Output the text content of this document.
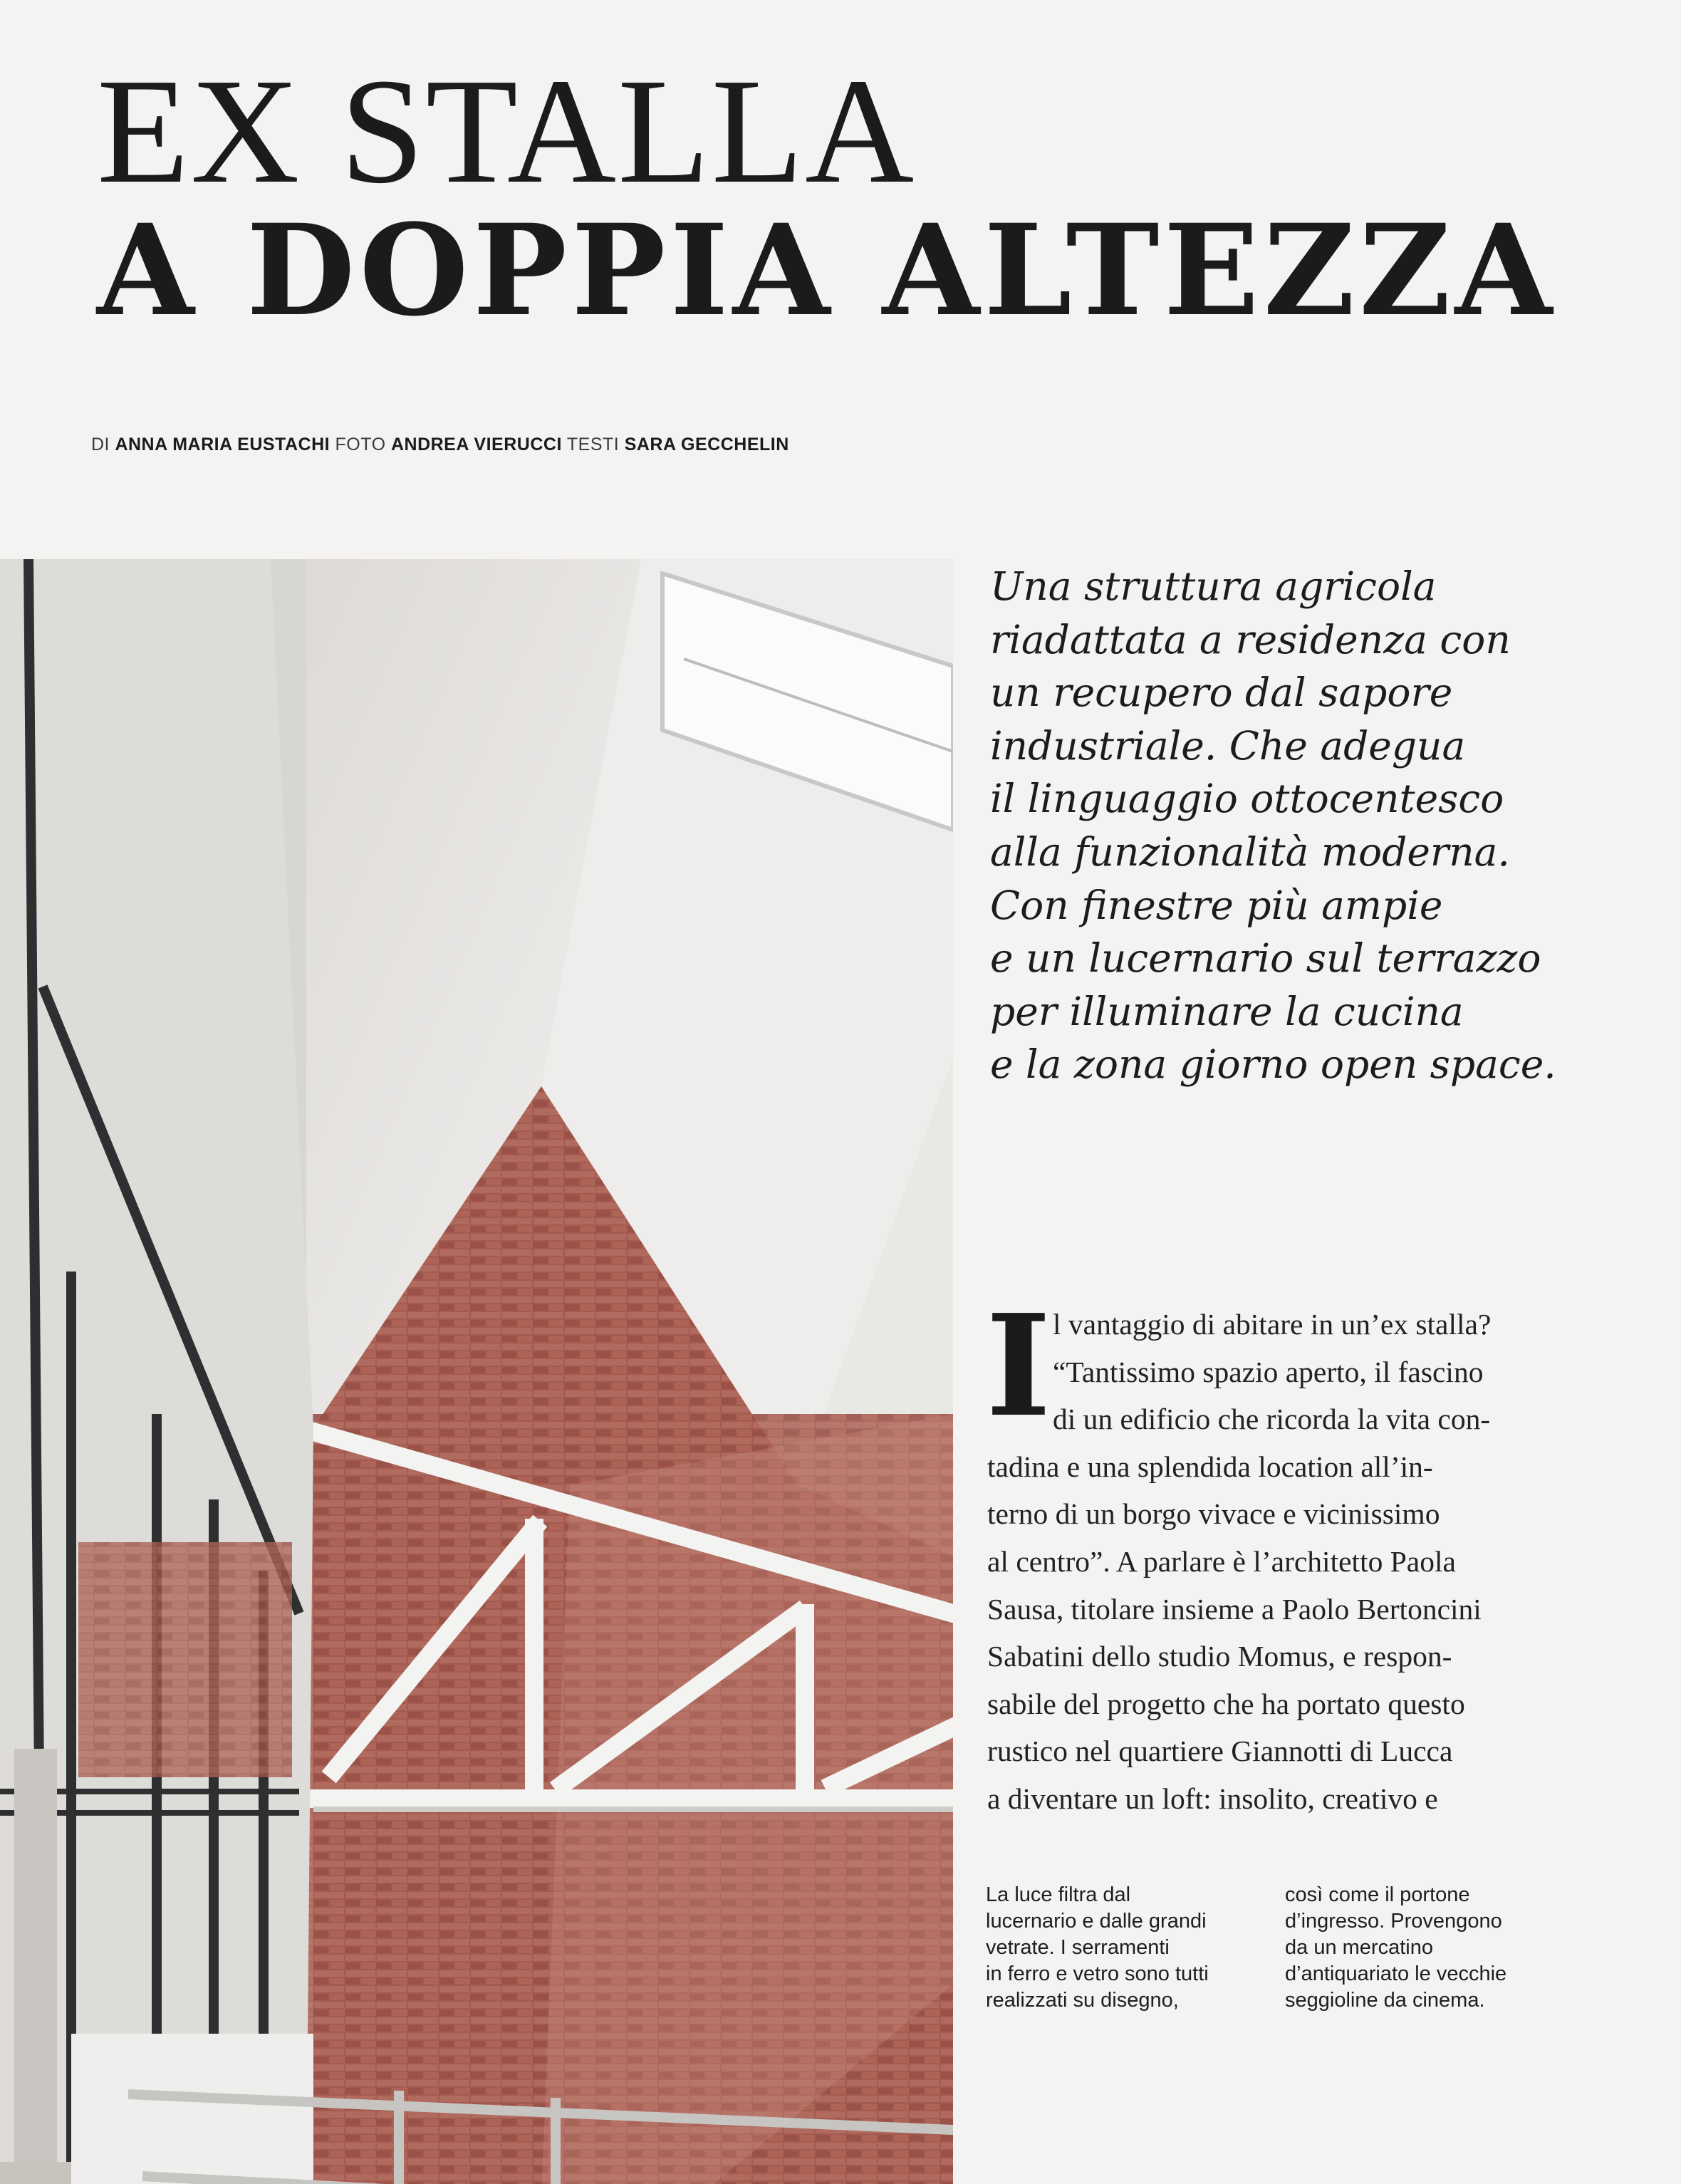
EX STALLA
A DOPPIA ALTEZZA
DI ANNA MARIA EUSTACHI FOTO ANDREA VIERUCCI TESTI SARA GECCHELIN
Una struttura agricola
riadattata a residenza con
un recupero dal sapore
industriale. Che adegua
il linguaggio ottocentesco
alla funzionalità moderna.
Con finestre più ampie
e un lucernario sul terrazzo
per illuminare la cucina
e la zona giorno open space.
I l vantaggio di abitare in un’ex stalla?
“Tantissimo spazio aperto, il fascino
di un edificio che ricorda la vita con-
tadina e una splendida location all’in-
terno di un borgo vivace e vicinissimo
al centro”. A parlare è l’architetto Paola
Sausa, titolare insieme a Paolo Bertoncini
Sabatini dello studio Momus, e respon-
sabile del progetto che ha portato questo
rustico nel quartiere Giannotti di Lucca
a diventare un loft: insolito, creativo e
La luce filtra dal
lucernario e dalle grandi
vetrate. I serramenti
in ferro e vetro sono tutti
realizzati su disegno,
così come il portone
d’ingresso. Provengono
da un mercatino
d’antiquariato le vecchie
seggioline da cinema.
